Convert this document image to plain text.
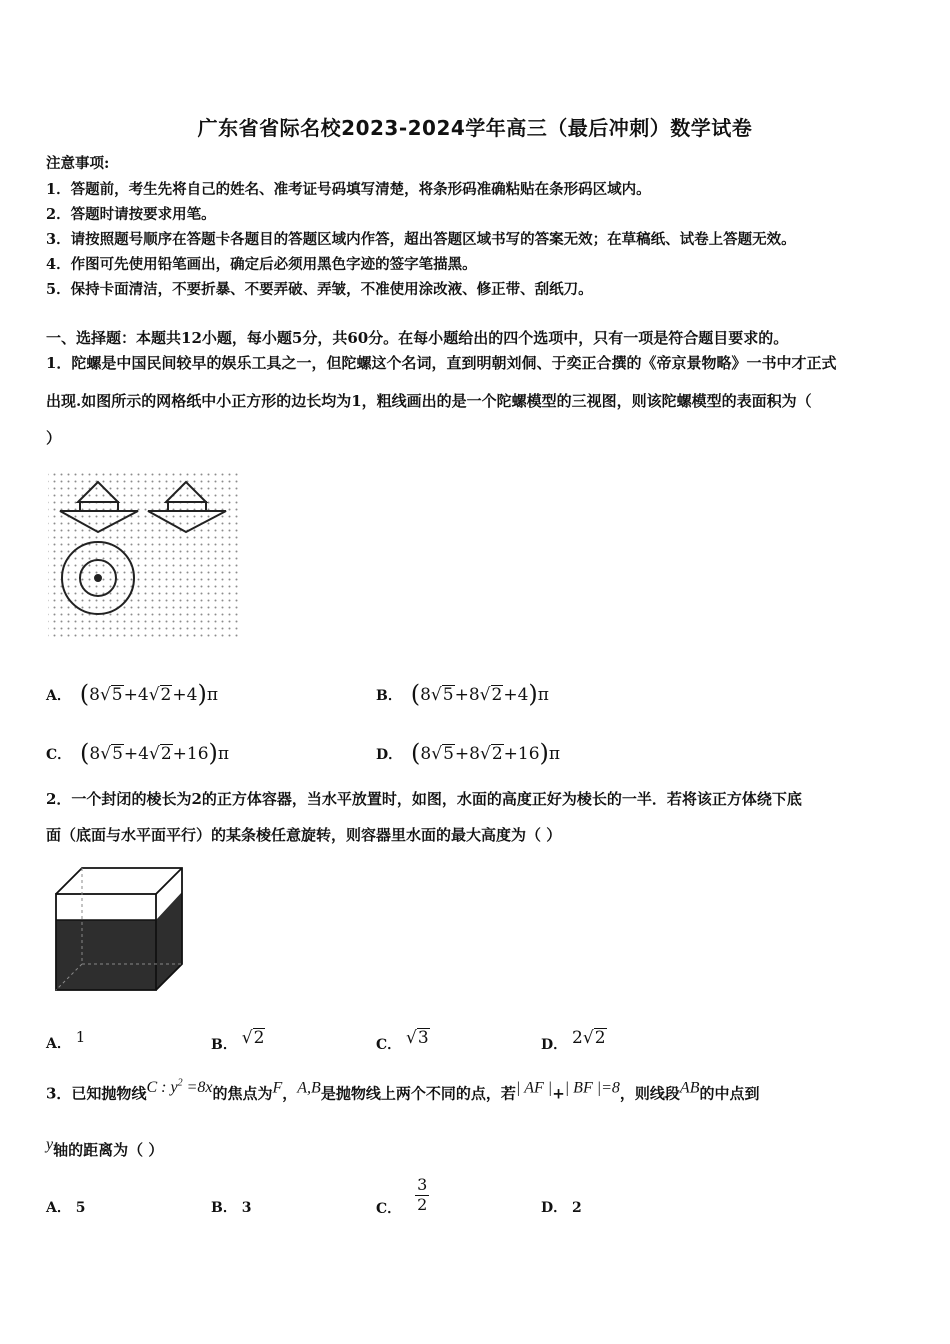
广东省省际名校2023-2024学年高三（最后冲刺）数学试卷
注意事项:
1．答题前，考生先将自己的姓名、准考证号码填写清楚，将条形码准确粘贴在条形码区域内。
2．答题时请按要求用笔。
3．请按照题号顺序在答题卡各题目的答题区域内作答，超出答题区域书写的答案无效；在草稿纸、试卷上答题无效。
4．作图可先使用铅笔画出，确定后必须用黑色字迹的签字笔描黑。
5．保持卡面清洁，不要折暴、不要弄破、弄皱，不准使用涂改液、修正带、刮纸刀。
一、选择题：本题共12小题，每小题5分，共60分。在每小题给出的四个选项中，只有一项是符合题目要求的。
1．陀螺是中国民间较早的娱乐工具之一，但陀螺这个名词，直到明朝刘侗、于奕正合撰的《帝京景物略》一书中才正式
出现.如图所示的网格纸中小正方形的边长均为1，粗线画出的是一个陀螺模型的三视图，则该陀螺模型的表面积为（
）
A． (8√5+4√2+4)π	B． (8√5+8√2+4)π
C． (8√5+4√2+16)π	D． (8√5+8√2+16)π
2．一个封闭的棱长为2的正方体容器，当水平放置时，如图，水面的高度正好为棱长的一半．若将该正方体绕下底
面（底面与水平面平行）的某条棱任意旋转，则容器里水面的最大高度为（ ）
A． 1	B． √2	C． √3	D． 2√2
3．已知抛物线C : $y^2 =8x$的焦点为F，A,B是抛物线上两个不同的点，若| AF |+| BF |=8，则线段AB的中点到
y轴的距离为（ ）
A． 5	B． 3	C． $\frac{3}{2}$	D． 2
